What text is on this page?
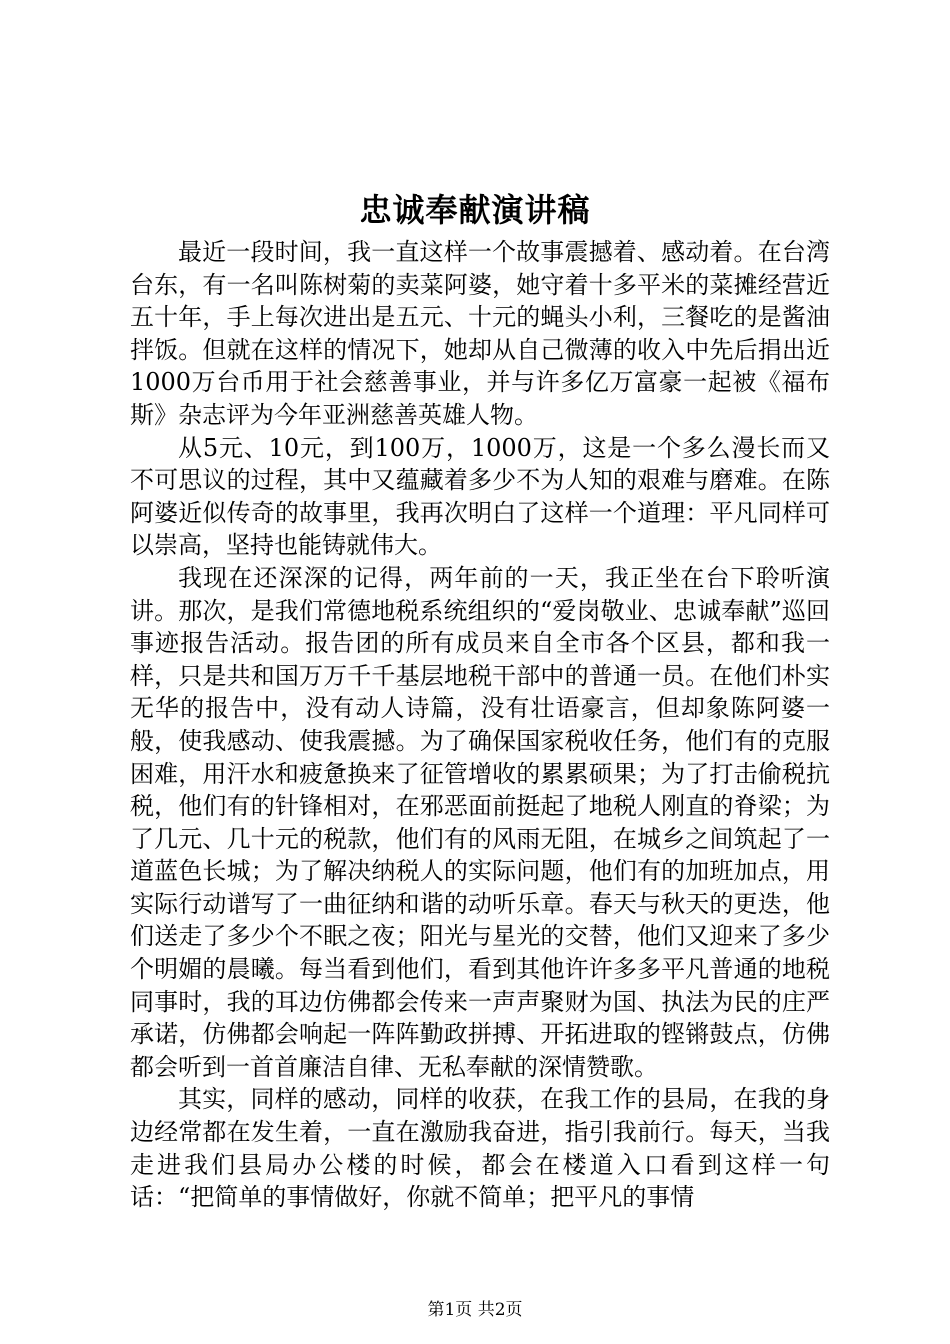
忠诚奉献演讲稿

最近一段时间，我一直这样一个故事震撼着、感动着。在台湾台东，有一名叫陈树菊的卖菜阿婆，她守着十多平米的菜摊经营近五十年，手上每次进出是五元、十元的蝇头小利，三餐吃的是酱油拌饭。但就在这样的情况下，她却从自己微薄的收入中先后捐出近1000万台币用于社会慈善事业，并与许多亿万富豪一起被《福布斯》杂志评为今年亚洲慈善英雄人物。

从5元、10元，到100万，1000万，这是一个多么漫长而又不可思议的过程，其中又蕴藏着多少不为人知的艰难与磨难。在陈阿婆近似传奇的故事里，我再次明白了这样一个道理：平凡同样可以崇高，坚持也能铸就伟大。

我现在还深深的记得，两年前的一天，我正坐在台下聆听演讲。那次，是我们常德地税系统组织的“爱岗敬业、忠诚奉献”巡回事迹报告活动。报告团的所有成员来自全市各个区县，都和我一样，只是共和国万万千千基层地税干部中的普通一员。在他们朴实无华的报告中，没有动人诗篇，没有壮语豪言，但却象陈阿婆一般，使我感动、使我震撼。为了确保国家税收任务，他们有的克服困难，用汗水和疲惫换来了征管增收的累累硕果；为了打击偷税抗税，他们有的针锋相对，在邪恶面前挺起了地税人刚直的脊梁；为了几元、几十元的税款，他们有的风雨无阻，在城乡之间筑起了一道蓝色长城；为了解决纳税人的实际问题，他们有的加班加点，用实际行动谱写了一曲征纳和谐的动听乐章。春天与秋天的更迭，他们送走了多少个不眠之夜；阳光与星光的交替，他们又迎来了多少个明媚的晨曦。每当看到他们，看到其他许许多多平凡普通的地税同事时，我的耳边仿佛都会传来一声声聚财为国、执法为民的庄严承诺，仿佛都会响起一阵阵勤政拼搏、开拓进取的铿锵鼓点，仿佛都会听到一首首廉洁自律、无私奉献的深情赞歌。

其实，同样的感动，同样的收获，在我工作的县局，在我的身边经常都在发生着，一直在激励我奋进，指引我前行。每天，当我走进我们县局办公楼的时候，都会在楼道入口看到这样一句话：“把简单的事情做好，你就不简单；把平凡的事情

第1页 共2页
